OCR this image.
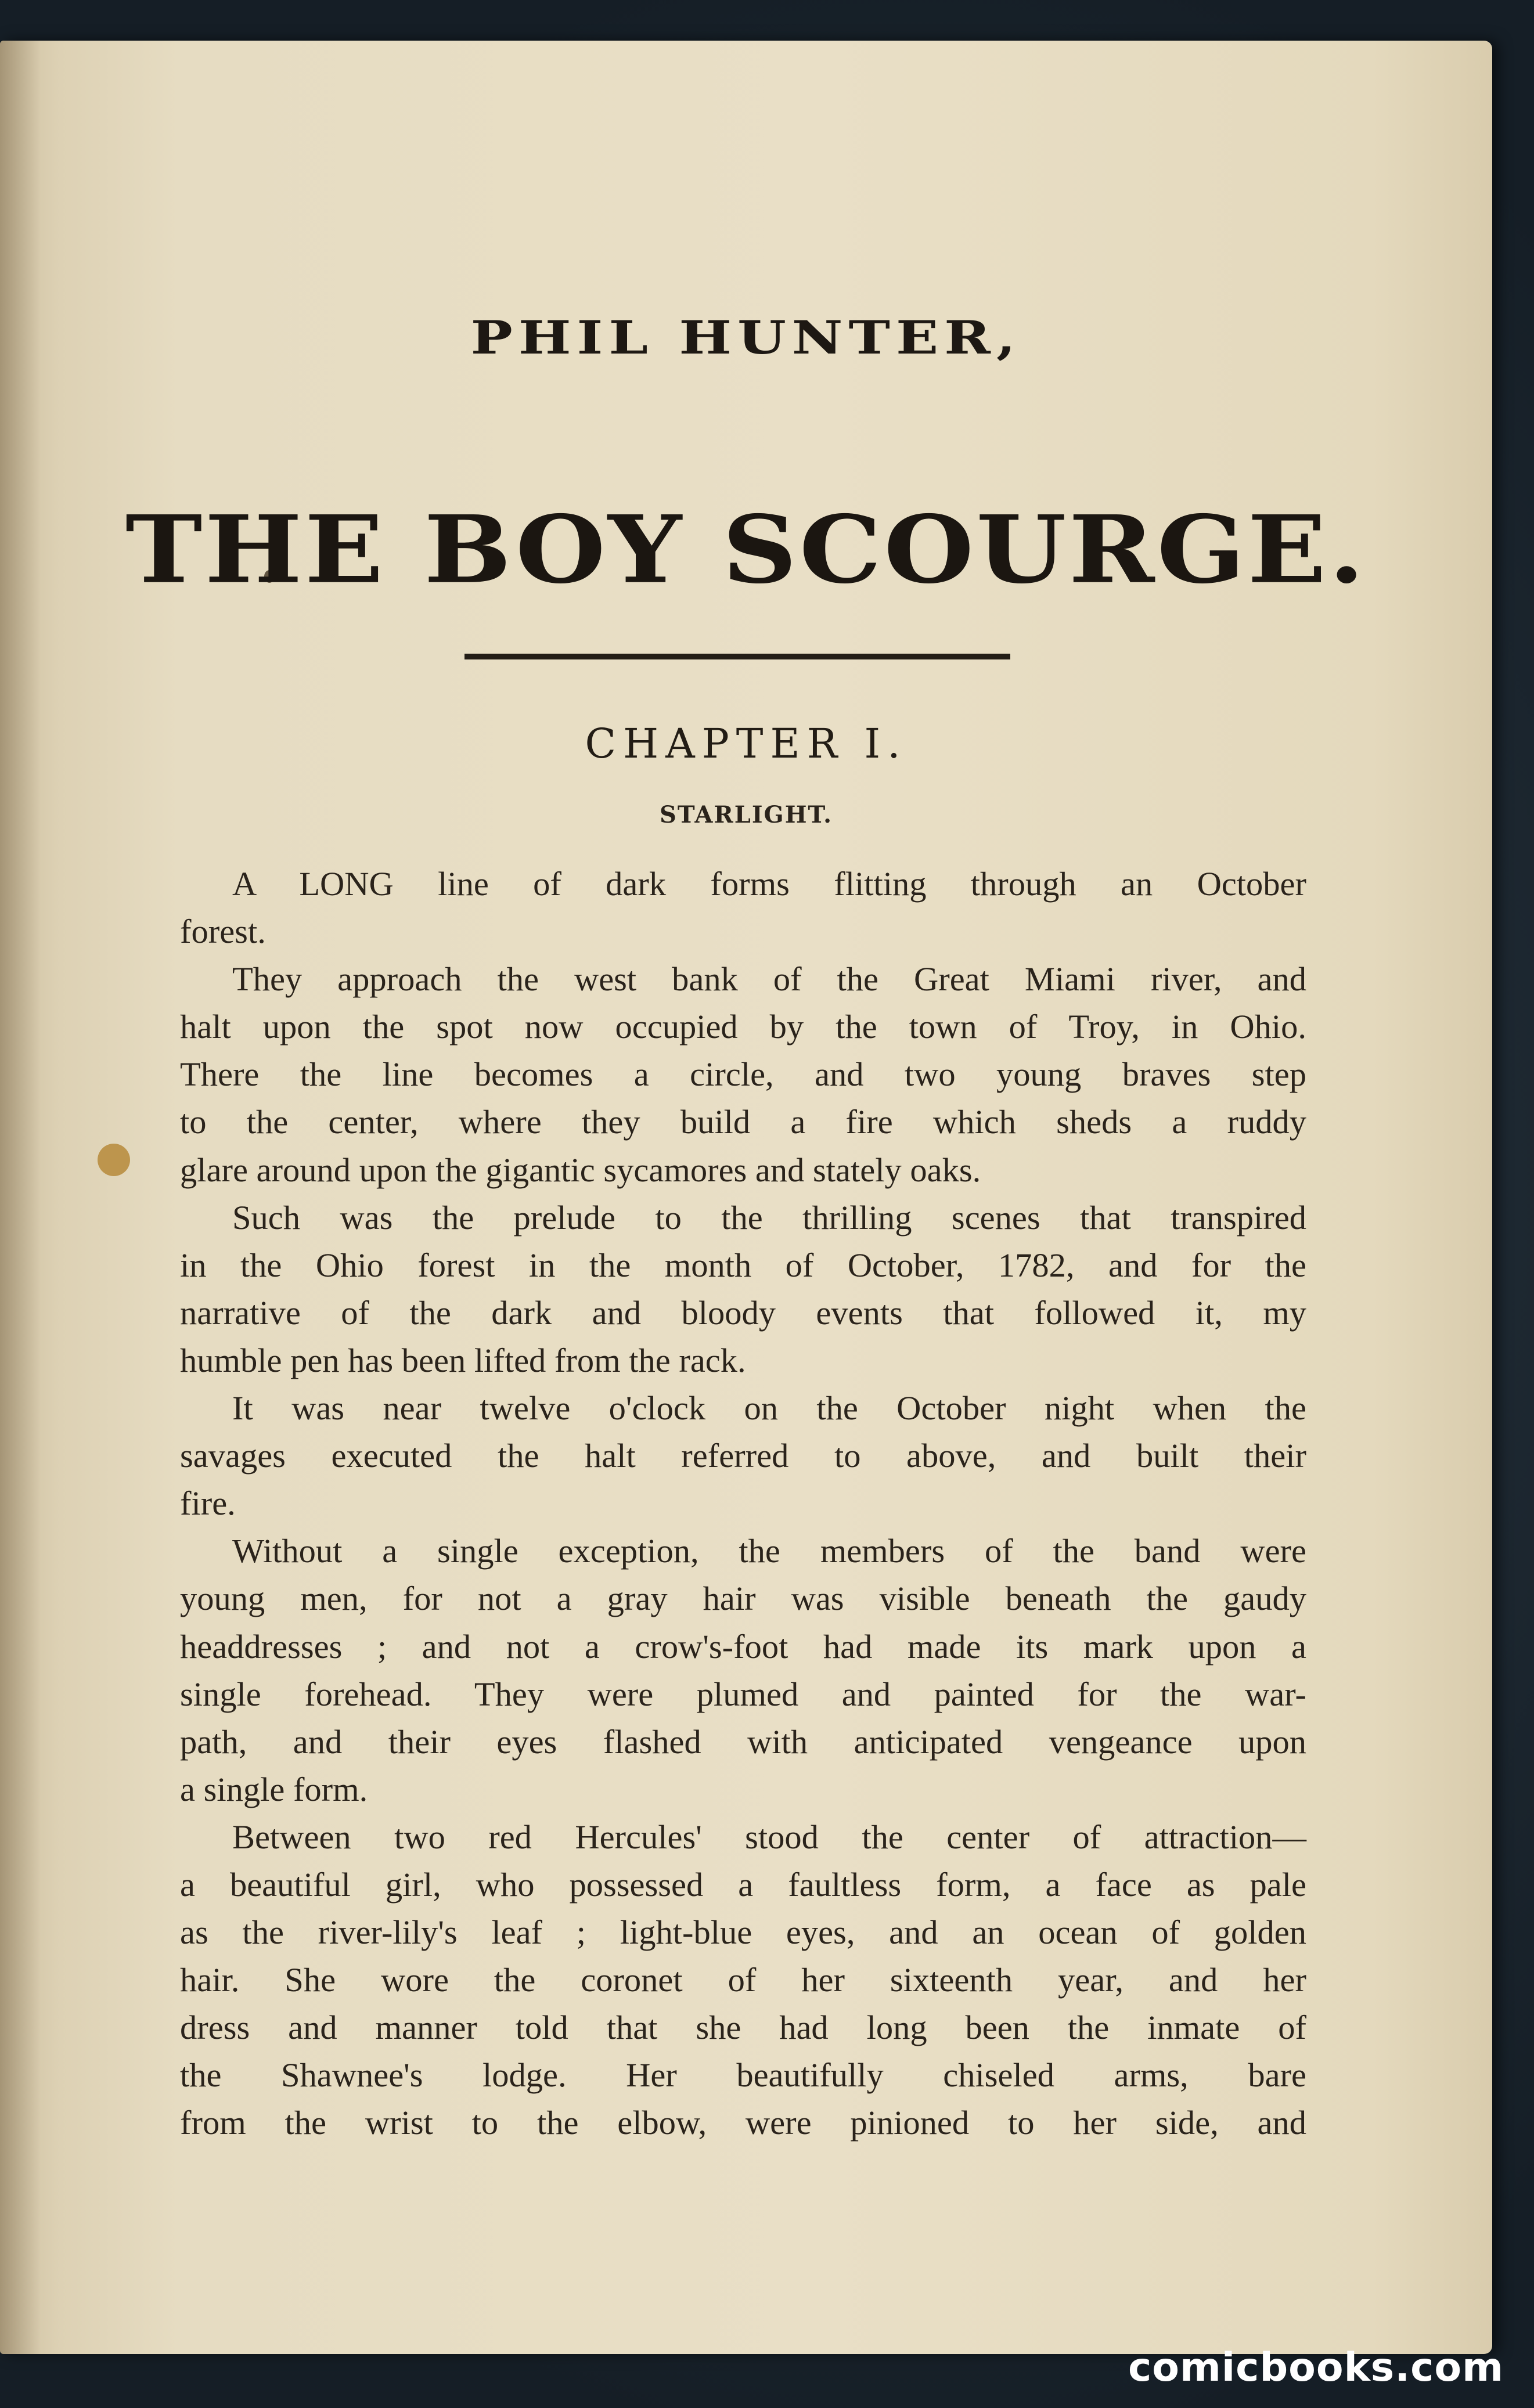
PHIL HUNTER,
THE BOY SCOURGE.
CHAPTER I.
STARLIGHT.
A LONG line of dark forms flitting through an October
forest.
They approach the west bank of the Great Miami river, and
halt upon the spot now occupied by the town of Troy, in Ohio.
There the line becomes a circle, and two young braves step
to the center, where they build a fire which sheds a ruddy
glare around upon the gigantic sycamores and stately oaks.
Such was the prelude to the thrilling scenes that transpired
in the Ohio forest in the month of October, 1782, and for the
narrative of the dark and bloody events that followed it, my
humble pen has been lifted from the rack.
It was near twelve o'clock on the October night when the
savages executed the halt referred to above, and built their
fire.
Without a single exception, the members of the band were
young men, for not a gray hair was visible beneath the gaudy
headdresses ; and not a crow's-foot had made its mark upon a
single forehead. They were plumed and painted for the war-
path, and their eyes flashed with anticipated vengeance upon
a single form.
Between two red Hercules' stood the center of attraction—
a beautiful girl, who possessed a faultless form, a face as pale
as the river-lily's leaf ; light-blue eyes, and an ocean of golden
hair. She wore the coronet of her sixteenth year, and her
dress and manner told that she had long been the inmate of
the Shawnee's lodge. Her beautifully chiseled arms, bare
from the wrist to the elbow, were pinioned to her side, and
comicbooks.com
